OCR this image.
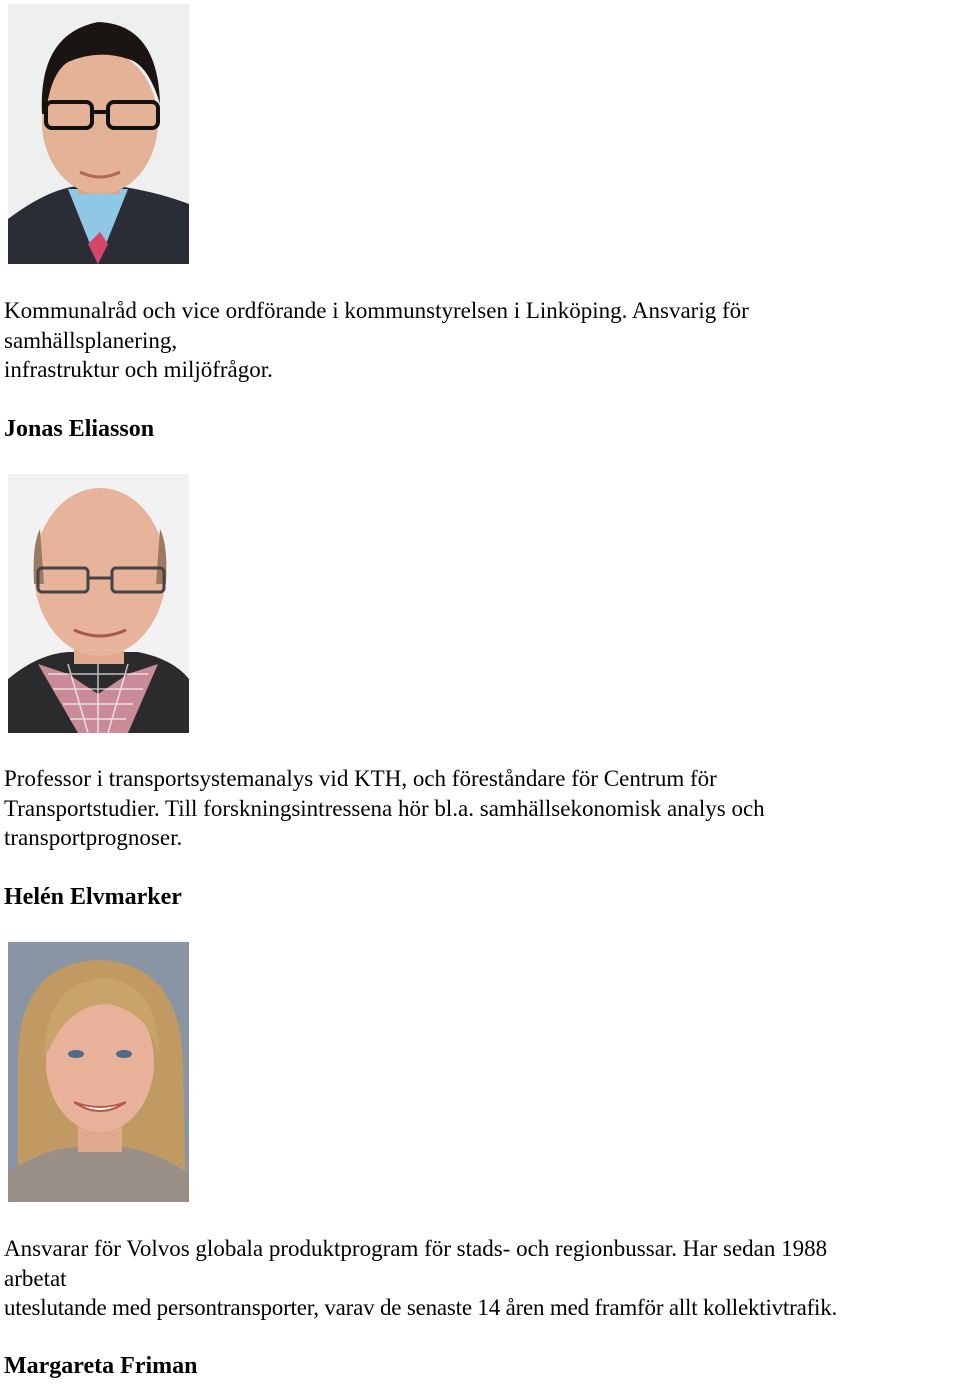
Kommunalråd och vice ordförande i kommunstyrelsen i Linköping. Ansvarig för
samhällsplanering,
infrastruktur och miljöfrågor.
Jonas Eliasson
Professor i transportsystemanalys vid KTH, och föreståndare för Centrum för
Transportstudier. Till forskningsintressena hör bl.a. samhällsekonomisk analys och
transportprognoser.
Helén Elvmarker
Ansvarar för Volvos globala produktprogram för stads- och regionbussar. Har sedan 1988
arbetat
uteslutande med persontransporter, varav de senaste 14 åren med framför allt kollektivtrafik.
Margareta Friman
